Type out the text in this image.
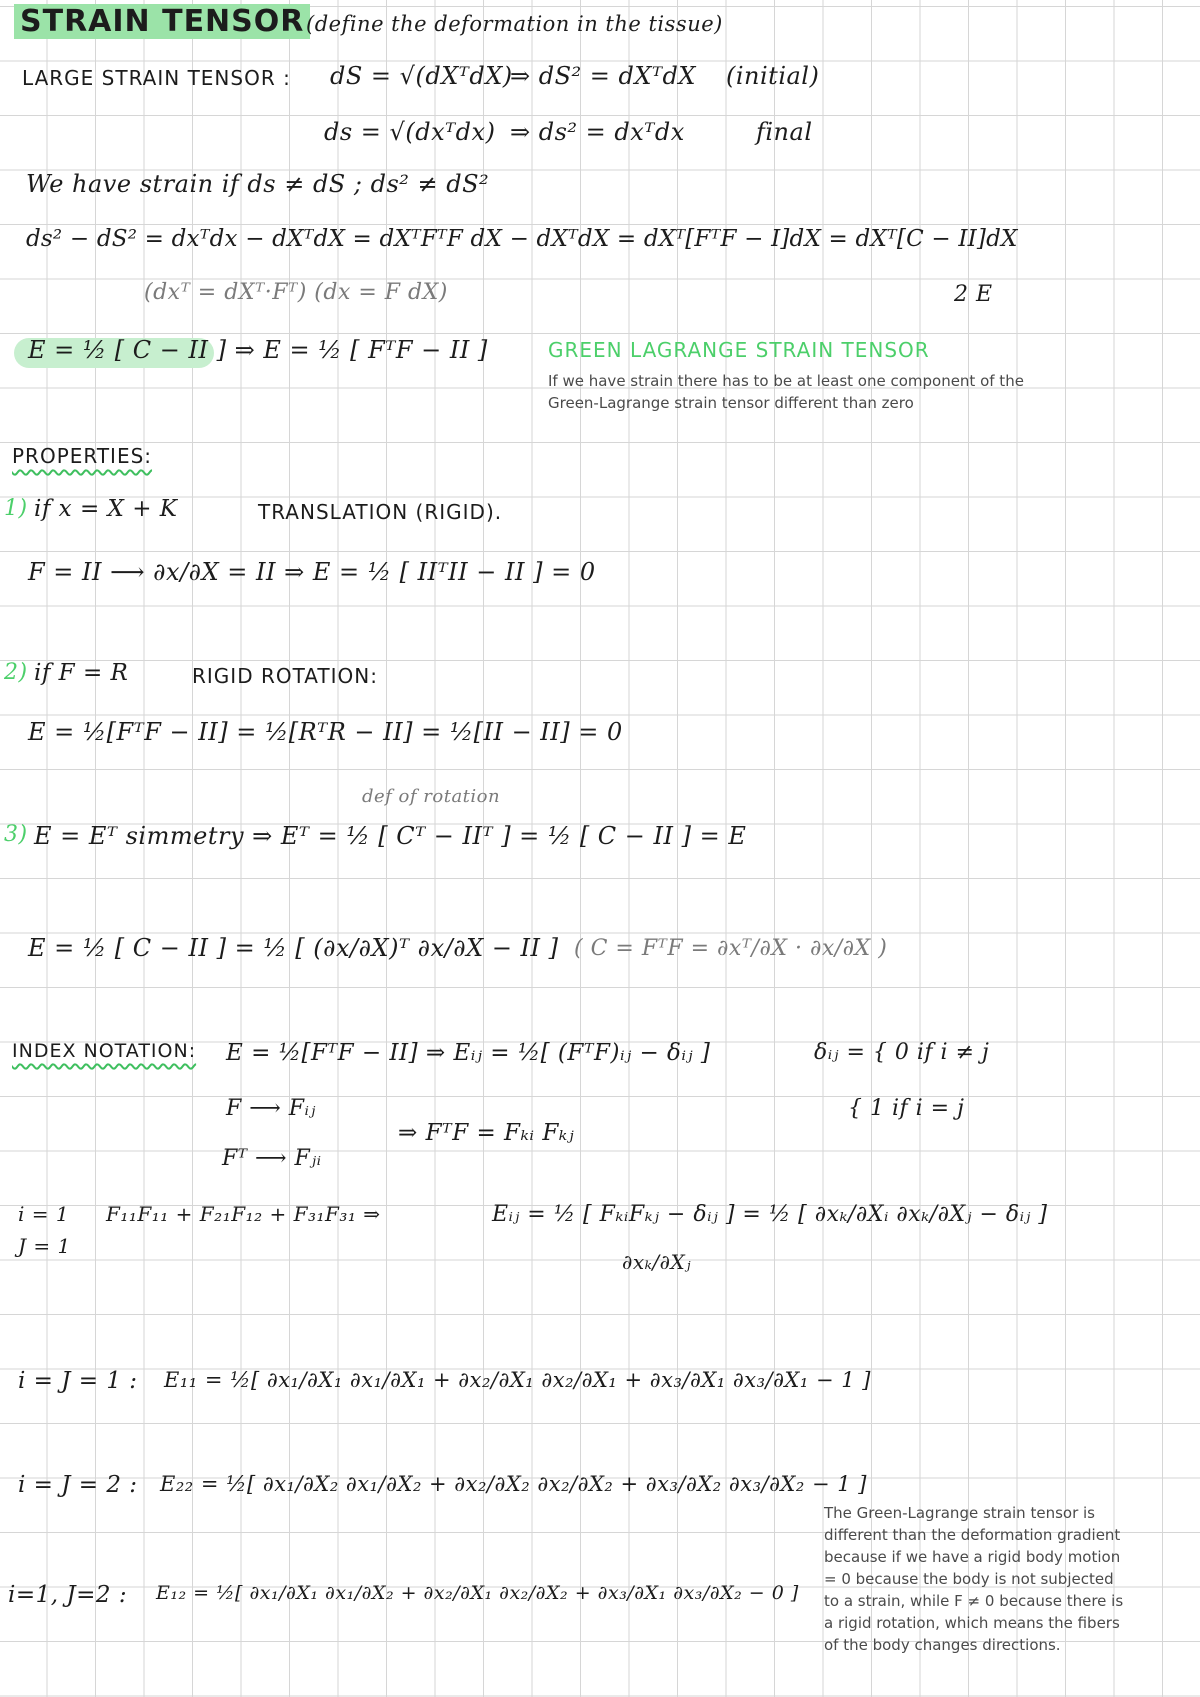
STRAIN TENSOR (define the deformation in the tissue)
LARGE STRAIN TENSOR : dS = √(dXᵀdX)
⇒ dS² = dXᵀdX (initial)
ds = √(dxᵀdx) ⇒ ds² = dxᵀdx	final
We have strain if ds ≠ dS ; ds² ≠ dS²
ds² − dS² = dxᵀdx − dXᵀdX = dXᵀFᵀF dX − dXᵀdX = dXᵀ[FᵀF − I]dX = dXᵀ[C − II]dX
(dxᵀ = dXᵀ·Fᵀ) (dx = F dX)	2 E
E = ½ [ C − II ] ⇒ E = ½ [ FᵀF − II ]	GREEN LAGRANGE STRAIN TENSOR
If we have strain there has to be at least one component of the Green-Lagrange strain tensor different than zero
PROPERTIES:
1) if x = X + K	TRANSLATION (RIGID).
F = II ⟶ ∂x/∂X = II ⇒ E = ½ [ IIᵀII − II ] = 0
2) if F = R	RIGID ROTATION:
E = ½[FᵀF − II] = ½[RᵀR − II] = ½[II − II] = 0
def of rotation
3) E = Eᵀ simmetry ⇒ Eᵀ = ½ [ Cᵀ − IIᵀ ] = ½ [ C − II ] = E
E = ½ [ C − II ] = ½ [ (∂x/∂X)ᵀ ∂x/∂X − II ] ( C = FᵀF = ∂xᵀ/∂X · ∂x/∂X )
INDEX NOTATION: E = ½[FᵀF − II] ⇒ Eᵢⱼ = ½[ (FᵀF)ᵢⱼ − δᵢⱼ ]	δᵢⱼ = { 0 if i ≠ j
{ 1 if i = j
F ⟶ Fᵢⱼ
Fᵀ ⟶ Fⱼᵢ
⇒ FᵀF = Fₖᵢ Fₖⱼ
i = 1
J = 1
F₁₁F₁₁ + F₂₁F₁₂ + F₃₁F₃₁ ⇒	Eᵢⱼ = ½ [ FₖᵢFₖⱼ − δᵢⱼ ] = ½ [ ∂xₖ/∂Xᵢ ∂xₖ/∂Xⱼ − δᵢⱼ ]
∂xₖ/∂Xⱼ
i = J = 1 : E₁₁ = ½[ ∂x₁/∂X₁ ∂x₁/∂X₁ + ∂x₂/∂X₁ ∂x₂/∂X₁ + ∂x₃/∂X₁ ∂x₃/∂X₁ − 1 ]
i = J = 2 : E₂₂ = ½[ ∂x₁/∂X₂ ∂x₁/∂X₂ + ∂x₂/∂X₂ ∂x₂/∂X₂ + ∂x₃/∂X₂ ∂x₃/∂X₂ − 1 ]
i=1, J=2 : E₁₂ = ½[ ∂x₁/∂X₁ ∂x₁/∂X₂ + ∂x₂/∂X₁ ∂x₂/∂X₂ + ∂x₃/∂X₁ ∂x₃/∂X₂ − 0 ]
The Green-Lagrange strain tensor is different than the deformation gradient because if we have a rigid body motion = 0 because the body is not subjected to a strain, while F ≠ 0 because there is a rigid rotation, which means the fibers of the body changes directions.
